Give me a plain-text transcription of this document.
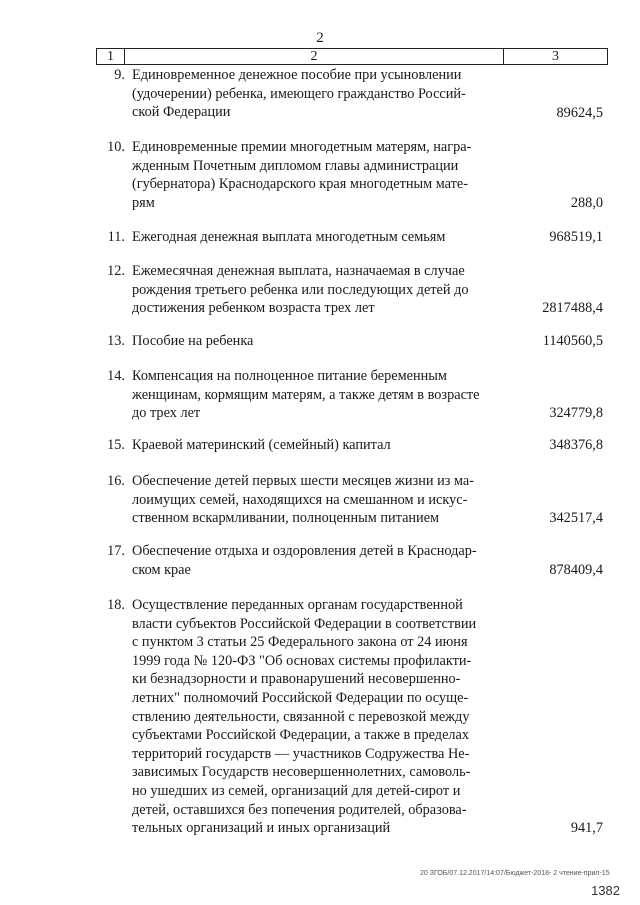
2
1	2	3
9. Единовременное денежное пособие при усыновлении
(удочерении) ребенка, имеющего гражданство Россий-
ской Федерации	89624,5
10. Единовременные премии многодетным матерям, награ-
жденным Почетным дипломом главы администрации
(губернатора) Краснодарского края многодетным мате-
рям	288,0
11. Ежегодная денежная выплата многодетным семьям	968519,1
12. Ежемесячная денежная выплата, назначаемая в случае
рождения третьего ребенка или последующих детей до
достижения ребенком возраста трех лет	2817488,4
13. Пособие на ребенка	1140560,5
14. Компенсация на полноценное питание беременным
женщинам, кормящим матерям, а также детям в возрасте
до трех лет	324779,8
15. Краевой материнский (семейный) капитал	348376,8
16. Обеспечение детей первых шести месяцев жизни из ма-
лоимущих семей, находящихся на смешанном и искус-
ственном вскармливании, полноценным питанием	342517,4
17. Обеспечение отдыха и оздоровления детей в Краснодар-
ском крае	878409,4
18. Осуществление переданных органам государственной
власти субъектов Российской Федерации в соответствии
с пунктом 3 статьи 25 Федерального закона от 24 июня
1999 года № 120-ФЗ "Об основах системы профилакти-
ки безнадзорности и правонарушений несовершенно-
летних" полномочий Российской Федерации по осуще-
ствлению деятельности, связанной с перевозкой между
субъектами Российской Федерации, а также в пределах
территорий государств — участников Содружества Не-
зависимых Государств несовершеннолетних, самоволь-
но ушедших из семей, организаций для детей-сирот и
детей, оставшихся без попечения родителей, образова-
тельных организаций и иных организаций	941,7
20 ЗГОБ/07.12.2017/14:07/Бюджет-2018- 2 чтение-прил-15
1382
